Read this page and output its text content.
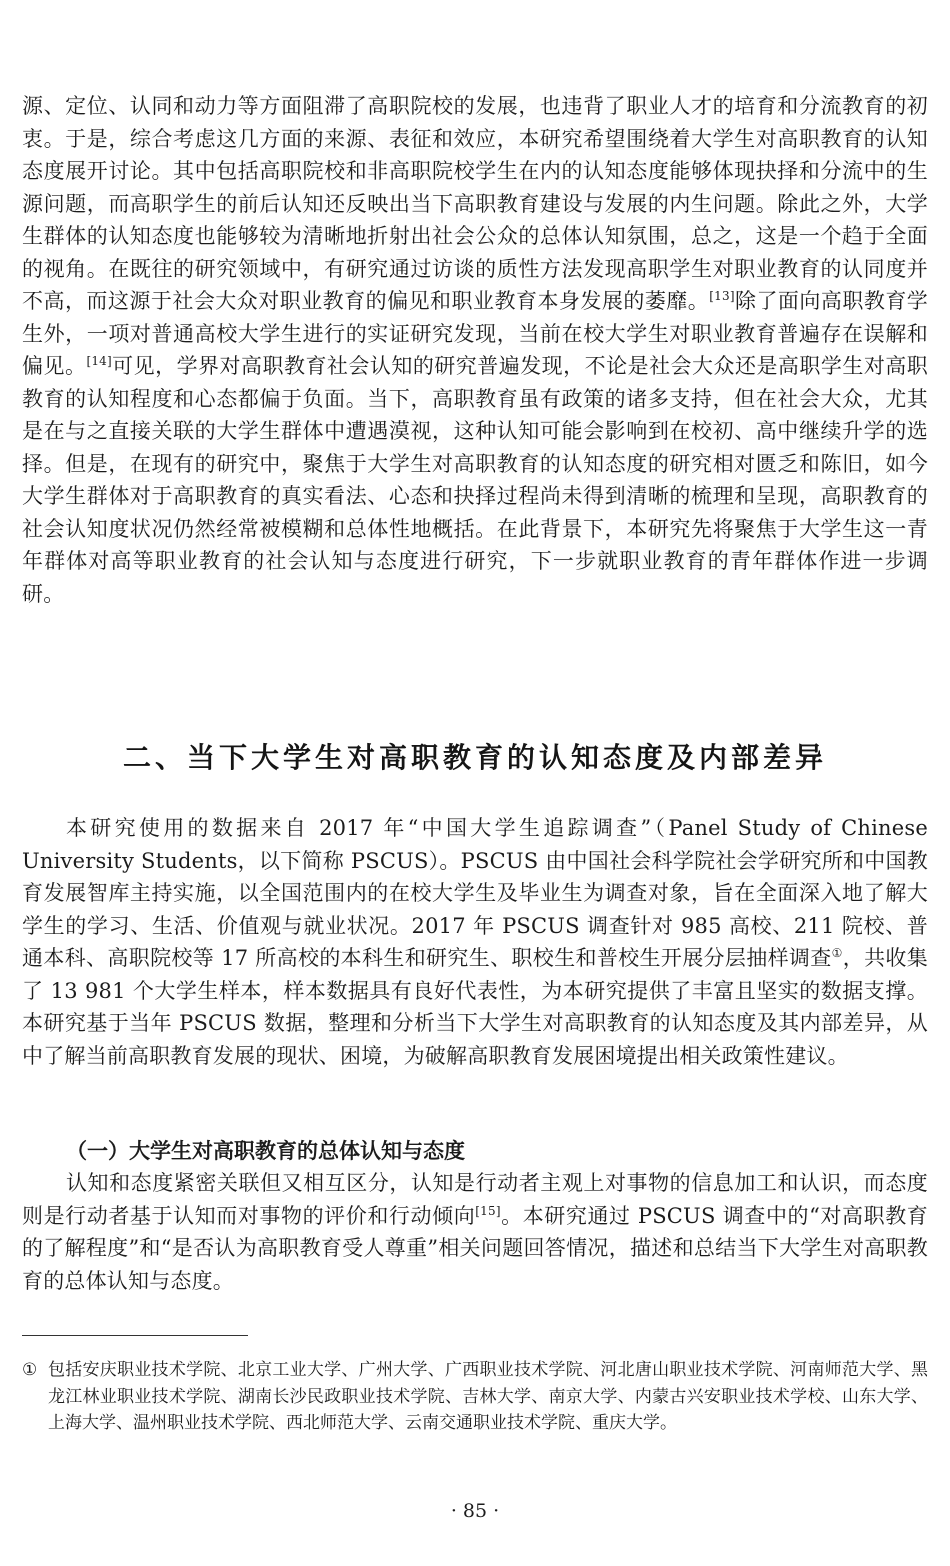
源、定位、认同和动力等方面阻滞了高职院校的发展，也违背了职业人才的培育和分流教育的初衷。于是，综合考虑这几方面的来源、表征和效应，本研究希望围绕着大学生对高职教育的认知态度展开讨论。其中包括高职院校和非高职院校学生在内的认知态度能够体现抉择和分流中的生源问题，而高职学生的前后认知还反映出当下高职教育建设与发展的内生问题。除此之外，大学生群体的认知态度也能够较为清晰地折射出社会公众的总体认知氛围，总之，这是一个趋于全面的视角。在既往的研究领域中，有研究通过访谈的质性方法发现高职学生对职业教育的认同度并不高，而这源于社会大众对职业教育的偏见和职业教育本身发展的萎靡。[13]除了面向高职教育学生外，一项对普通高校大学生进行的实证研究发现，当前在校大学生对职业教育普遍存在误解和偏见。[14]可见，学界对高职教育社会认知的研究普遍发现，不论是社会大众还是高职学生对高职教育的认知程度和心态都偏于负面。当下，高职教育虽有政策的诸多支持，但在社会大众，尤其是在与之直接关联的大学生群体中遭遇漠视，这种认知可能会影响到在校初、高中继续升学的选择。但是，在现有的研究中，聚焦于大学生对高职教育的认知态度的研究相对匮乏和陈旧，如今大学生群体对于高职教育的真实看法、心态和抉择过程尚未得到清晰的梳理和呈现，高职教育的社会认知度状况仍然经常被模糊和总体性地概括。在此背景下，本研究先将聚焦于大学生这一青年群体对高等职业教育的社会认知与态度进行研究，下一步就职业教育的青年群体作进一步调研。

二、当下大学生对高职教育的认知态度及内部差异

本研究使用的数据来自 2017 年“中国大学生追踪调查”（Panel Study of Chinese University Students，以下简称 PSCUS）。PSCUS 由中国社会科学院社会学研究所和中国教育发展智库主持实施，以全国范围内的在校大学生及毕业生为调查对象，旨在全面深入地了解大学生的学习、生活、价值观与就业状况。2017 年 PSCUS 调查针对 985 高校、211 院校、普通本科、高职院校等 17 所高校的本科生和研究生、职校生和普校生开展分层抽样调查①，共收集了 13 981 个大学生样本，样本数据具有良好代表性，为本研究提供了丰富且坚实的数据支撑。本研究基于当年 PSCUS 数据，整理和分析当下大学生对高职教育的认知态度及其内部差异，从中了解当前高职教育发展的现状、困境，为破解高职教育发展困境提出相关政策性建议。

（一）大学生对高职教育的总体认知与态度

认知和态度紧密关联但又相互区分，认知是行动者主观上对事物的信息加工和认识，而态度则是行动者基于认知而对事物的评价和行动倾向[15]。本研究通过 PSCUS 调查中的“对高职教育的了解程度”和“是否认为高职教育受人尊重”相关问题回答情况，描述和总结当下大学生对高职教育的总体认知与态度。

① 包括安庆职业技术学院、北京工业大学、广州大学、广西职业技术学院、河北唐山职业技术学院、河南师范大学、黑龙江林业职业技术学院、湖南长沙民政职业技术学院、吉林大学、南京大学、内蒙古兴安职业技术学校、山东大学、上海大学、温州职业技术学院、西北师范大学、云南交通职业技术学院、重庆大学。

· 85 ·
